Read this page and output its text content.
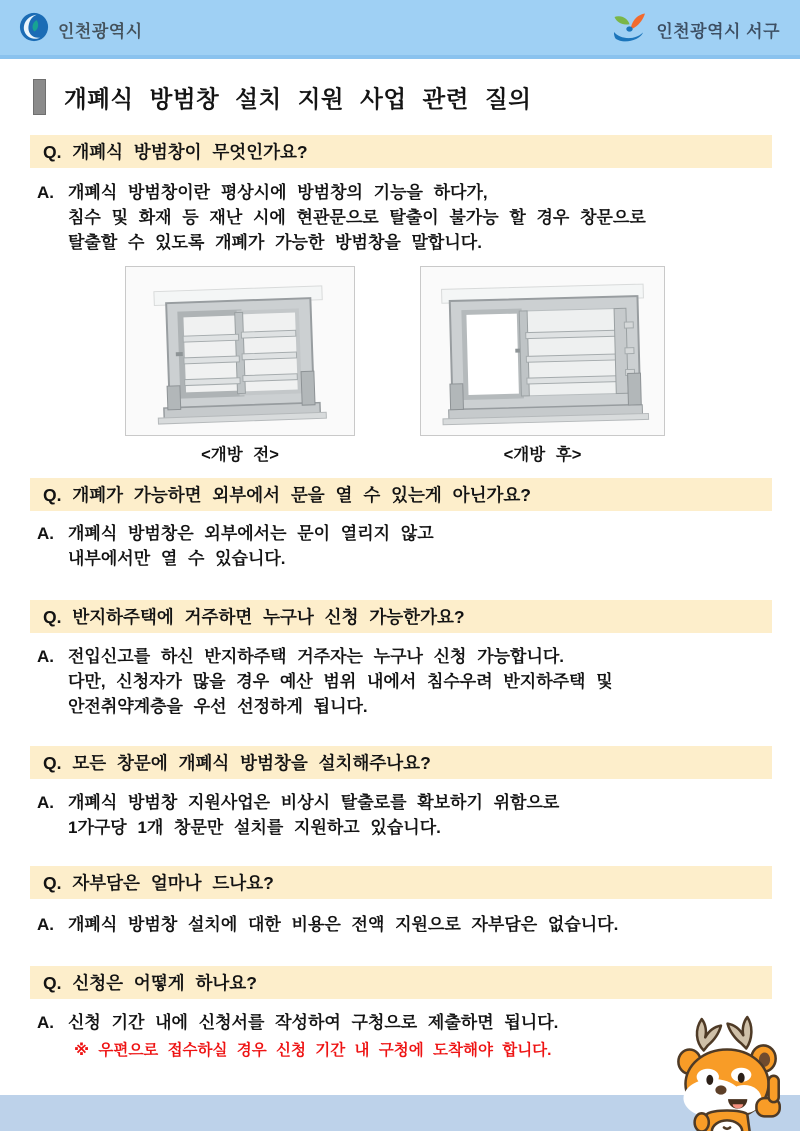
인천광역시	인천광역시 서구
개폐식 방범창 설치 지원 사업 관련 질의
Q. 개폐식 방범창이 무엇인가요?
A. 개폐식 방범창이란 평상시에 방범창의 기능을 하다가,
침수 및 화재 등 재난 시에 현관문으로 탈출이 불가능 할 경우 창문으로
탈출할 수 있도록 개폐가 가능한 방범창을 말합니다.
<개방 전>	<개방 후>
Q. 개폐가 가능하면 외부에서 문을 열 수 있는게 아닌가요?
A. 개폐식 방범창은 외부에서는 문이 열리지 않고
내부에서만 열 수 있습니다.
Q. 반지하주택에 거주하면 누구나 신청 가능한가요?
A. 전입신고를 하신 반지하주택 거주자는 누구나 신청 가능합니다.
다만, 신청자가 많을 경우 예산 범위 내에서 침수우려 반지하주택 및
안전취약계층을 우선 선정하게 됩니다.
Q. 모든 창문에 개폐식 방범창을 설치해주나요?
A. 개폐식 방범창 지원사업은 비상시 탈출로를 확보하기 위함으로
1가구당 1개 창문만 설치를 지원하고 있습니다.
Q. 자부담은 얼마나 드나요?
A. 개폐식 방범창 설치에 대한 비용은 전액 지원으로 자부담은 없습니다.
Q. 신청은 어떻게 하나요?
A. 신청 기간 내에 신청서를 작성하여 구청으로 제출하면 됩니다.
※ 우편으로 접수하실 경우 신청 기간 내 구청에 도착해야 합니다.
